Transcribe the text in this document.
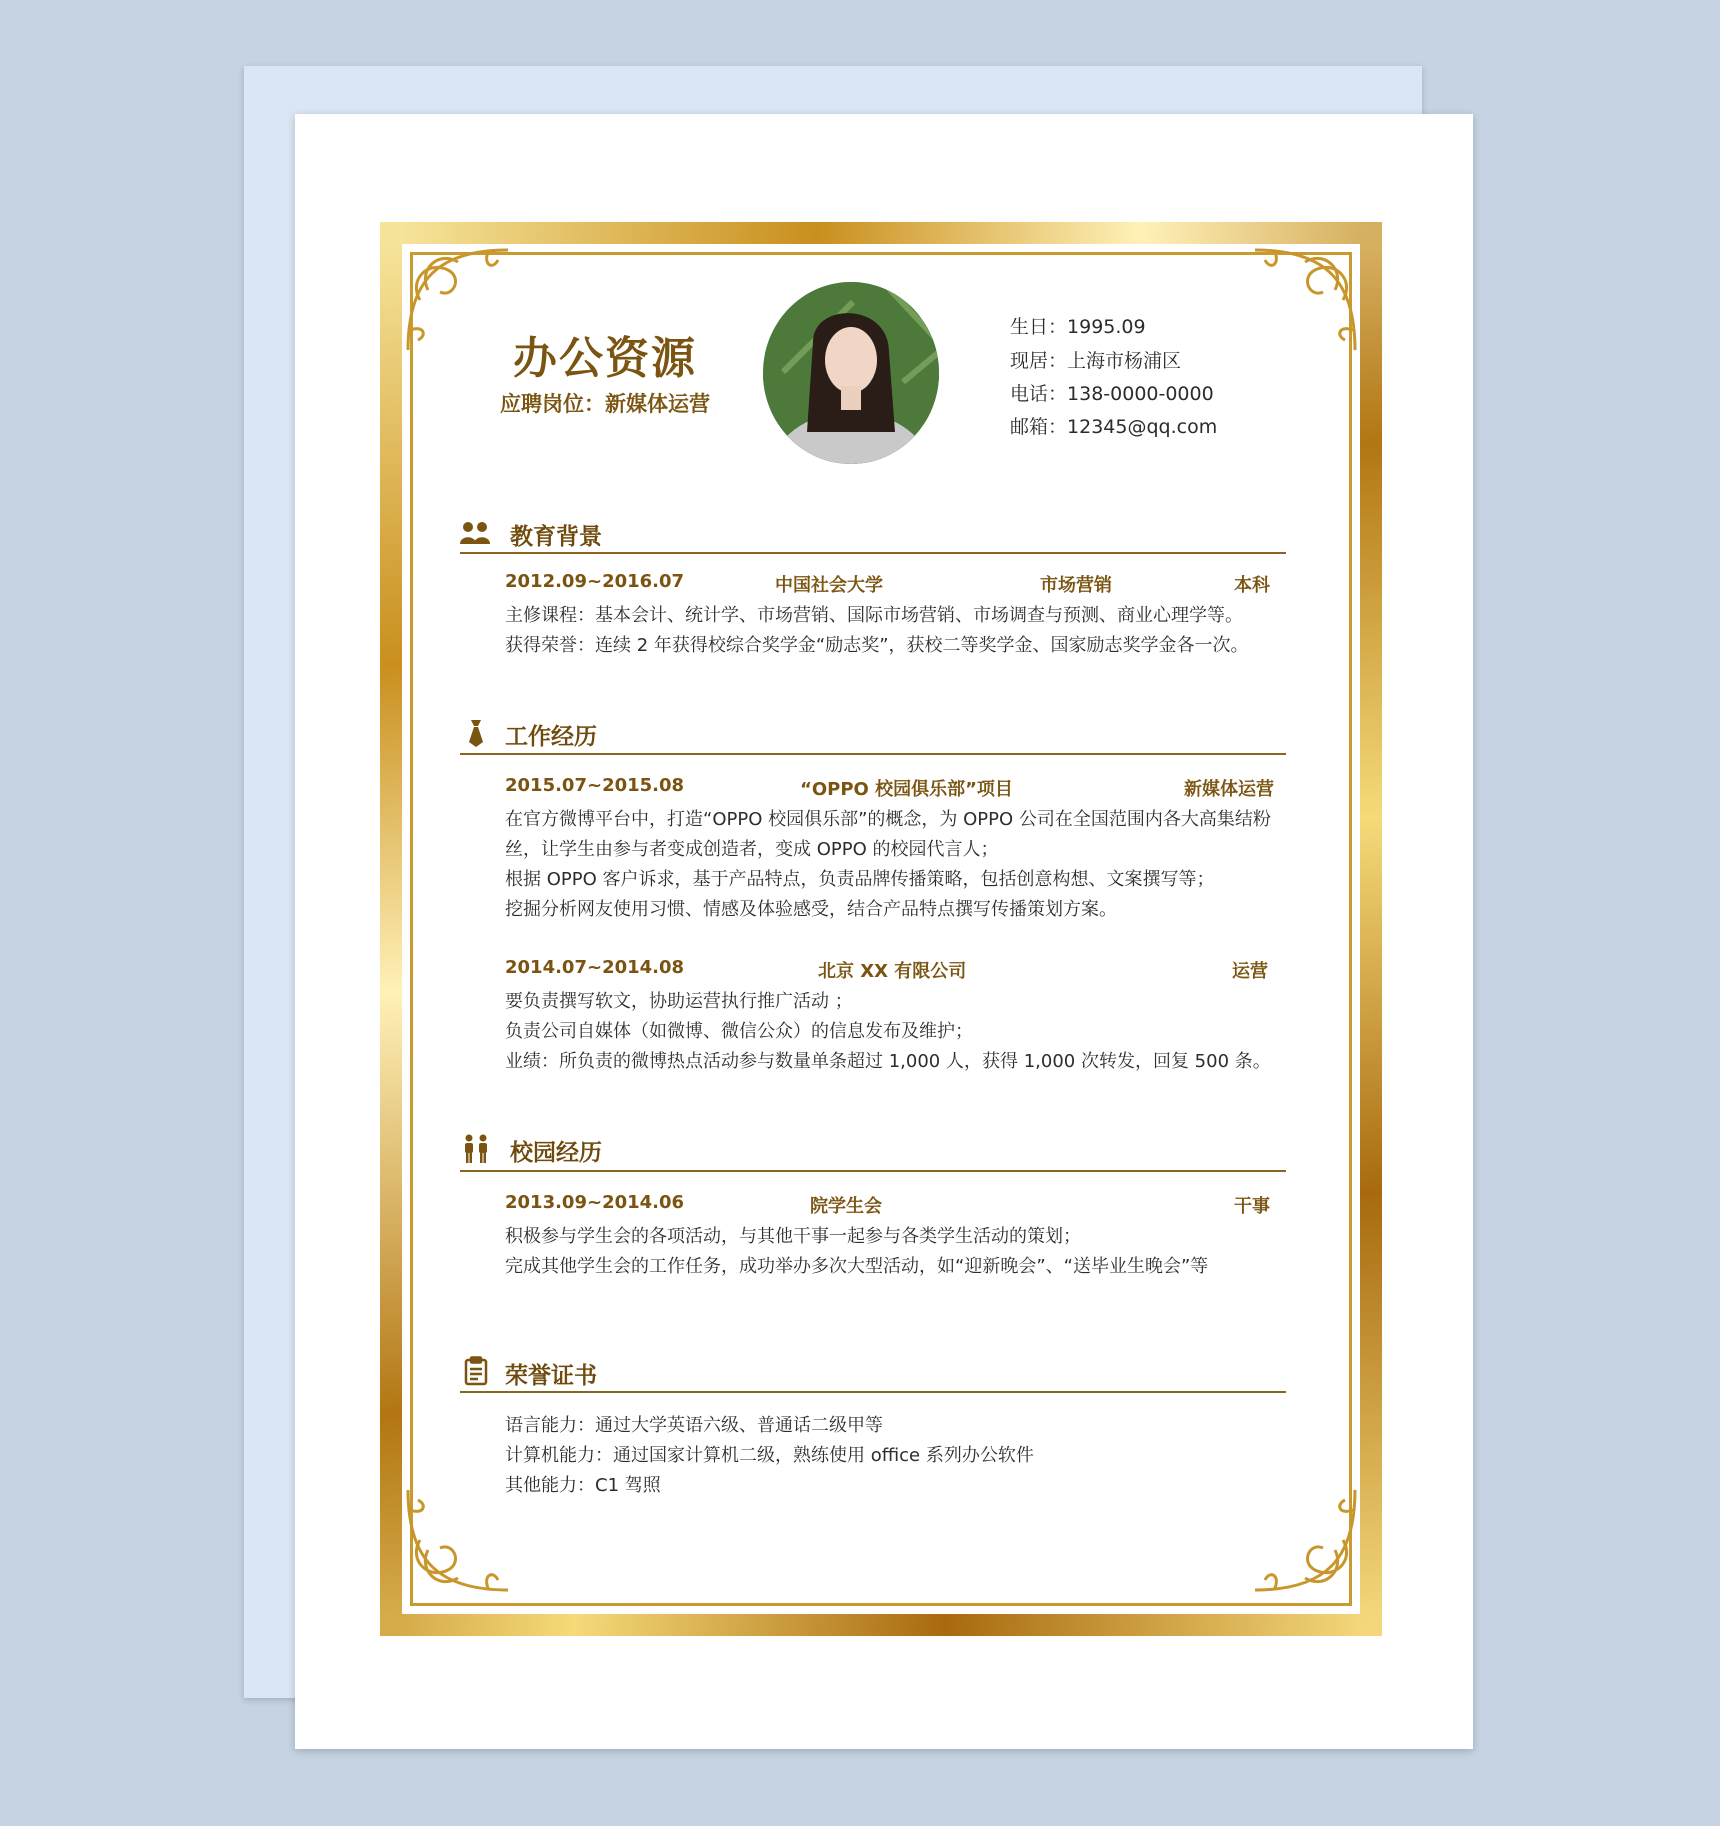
办公资源
应聘岗位：新媒体运营
生日：1995.09
现居：上海市杨浦区
电话：138-0000-0000
邮箱：12345@qq.com
教育背景
2012.09~2016.07	中国社会大学	市场营销	本科
主修课程：基本会计、统计学、市场营销、国际市场营销、市场调查与预测、商业心理学等。
获得荣誉：连续 2 年获得校综合奖学金“励志奖”，获校二等奖学金、国家励志奖学金各一次。
工作经历
2015.07~2015.08	“OPPO 校园俱乐部”项目	新媒体运营
在官方微博平台中，打造“OPPO 校园俱乐部”的概念，为 OPPO 公司在全国范围内各大高集结粉
丝，让学生由参与者变成创造者，变成 OPPO 的校园代言人；
根据 OPPO 客户诉求，基于产品特点，负责品牌传播策略，包括创意构想、文案撰写等；
挖掘分析网友使用习惯、情感及体验感受，结合产品特点撰写传播策划方案。
2014.07~2014.08	北京 XX 有限公司	运营
要负责撰写软文，协助运营执行推广活动 ；
负责公司自媒体（如微博、微信公众）的信息发布及维护；
业绩：所负责的微博热点活动参与数量单条超过 1,000 人，获得 1,000 次转发，回复 500 条。
校园经历
2013.09~2014.06	院学生会	干事
积极参与学生会的各项活动，与其他干事一起参与各类学生活动的策划；
完成其他学生会的工作任务，成功举办多次大型活动，如“迎新晚会”、“送毕业生晚会”等
荣誉证书
语言能力：通过大学英语六级、普通话二级甲等
计算机能力：通过国家计算机二级，熟练使用 office 系列办公软件
其他能力：C1 驾照
